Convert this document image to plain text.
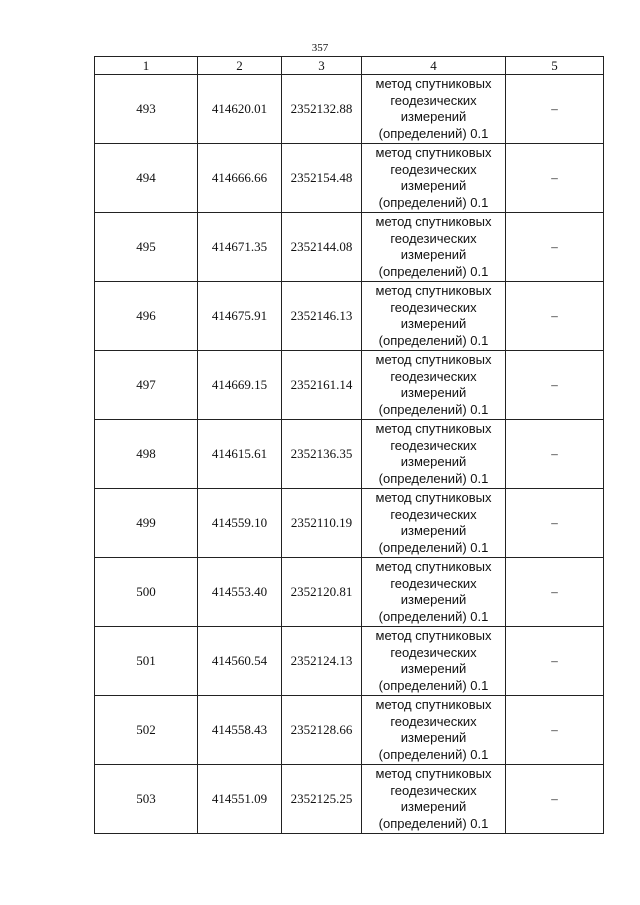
357
1	2	3	4	5
493	414620.01	2352132.88	метод спутниковых
геодезических
измерений
(определений) 0.1	–
494	414666.66	2352154.48	метод спутниковых
геодезических
измерений
(определений) 0.1	–
495	414671.35	2352144.08	метод спутниковых
геодезических
измерений
(определений) 0.1	–
496	414675.91	2352146.13	метод спутниковых
геодезических
измерений
(определений) 0.1	–
497	414669.15	2352161.14	метод спутниковых
геодезических
измерений
(определений) 0.1	–
498	414615.61	2352136.35	метод спутниковых
геодезических
измерений
(определений) 0.1	–
499	414559.10	2352110.19	метод спутниковых
геодезических
измерений
(определений) 0.1	–
500	414553.40	2352120.81	метод спутниковых
геодезических
измерений
(определений) 0.1	–
501	414560.54	2352124.13	метод спутниковых
геодезических
измерений
(определений) 0.1	–
502	414558.43	2352128.66	метод спутниковых
геодезических
измерений
(определений) 0.1	–
503	414551.09	2352125.25	метод спутниковых
геодезических
измерений
(определений) 0.1	–
